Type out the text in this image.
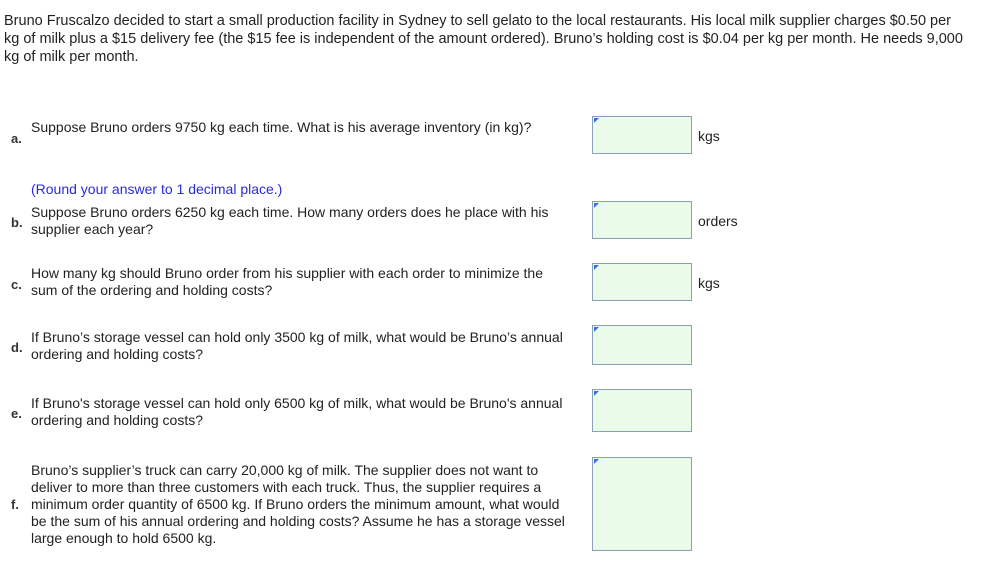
Bruno Fruscalzo decided to start a small production facility in Sydney to sell gelato to the local restaurants. His local milk supplier charges $0.50 per kg of milk plus a $15 delivery fee (the $15 fee is independent of the amount ordered). Bruno’s holding cost is $0.04 per kg per month. He needs 9,000 kg of milk per month.
a.
Suppose Bruno orders 9750 kg each time. What is his average inventory (in kg)?
(Round your answer to 1 decimal place.)
kgs
b.
Suppose Bruno orders 6250 kg each time. How many orders does he place with his supplier each year?	orders
c.
How many kg should Bruno order from his supplier with each order to minimize the sum of the ordering and holding costs?	kgs
d.
If Bruno’s storage vessel can hold only 3500 kg of milk, what would be Bruno’s annual ordering and holding costs?
e.
If Bruno's storage vessel can hold only 6500 kg of milk, what would be Bruno's annual ordering and holding costs?
f.
Bruno’s supplier’s truck can carry 20,000 kg of milk. The supplier does not want to deliver to more than three customers with each truck. Thus, the supplier requires a minimum order quantity of 6500 kg. If Bruno orders the minimum amount, what would be the sum of his annual ordering and holding costs? Assume he has a storage vessel large enough to hold 6500 kg.
